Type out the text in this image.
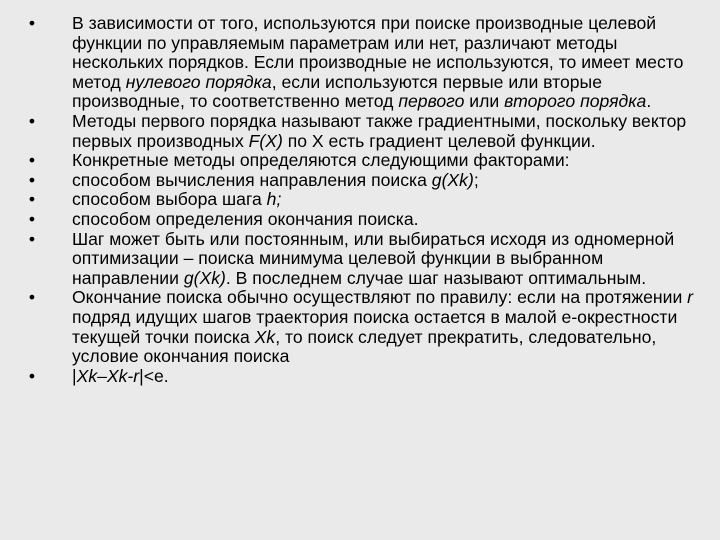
• В зависимости от того, используются при поиске производные целевой функции по управляемым параметрам или нет, различают методы нескольких порядков. Если производные не используются, то имеет место метод нулевого порядка, если используются первые или вторые производные, то соответственно метод первого или второго порядка.
• Методы первого порядка называют также градиентными, поскольку вектор первых производных F(X) по X есть градиент целевой функции.
• Конкретные методы определяются следующими факторами:
• способом вычисления направления поиска g(Xk);
• способом выбора шага h;
• способом определения окончания поиска.
• Шаг может быть или постоянным, или выбираться исходя из одномерной оптимизации – поиска минимума целевой функции в выбранном направлении g(Xk). В последнем случае шаг называют оптимальным.
• Окончание поиска обычно осуществляют по правилу: если на протяжении r подряд идущих шагов траектория поиска остается в малой e-окрестности текущей точки поиска Xk, то поиск следует прекратить, следовательно, условие окончания поиска
• |Xk–Xk-r|<e.
